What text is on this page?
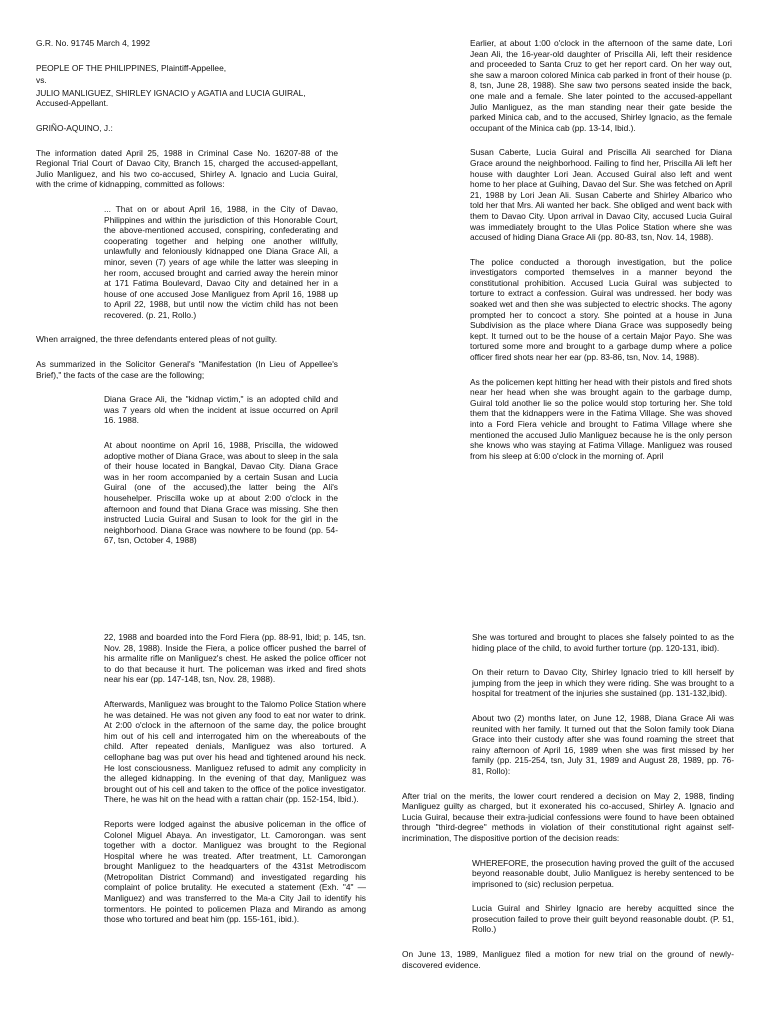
G.R. No. 91745 March 4, 1992

PEOPLE OF THE PHILIPPINES, Plaintiff-Appellee,

vs.

JULIO MANLIGUEZ, SHIRLEY IGNACIO y AGATIA and LUCIA GUIRAL, Accused-Appellant.

GRIÑO-AQUINO, J.:

The information dated April 25, 1988 in Criminal Case No. 16207-88 of the Regional Trial Court of Davao City, Branch 15, charged the accused-appellant, Julio Manliguez, and his two co-accused, Shirley A. Ignacio and Lucia Guiral, with the crime of kidnapping, committed as follows:

... That on or about April 16, 1988, in the City of Davao, Philippines and within the jurisdiction of this Honorable Court, the above-mentioned accused, conspiring, confederating and cooperating together and helping one another willfully, unlawfully and feloniously kidnapped one Diana Grace Ali, a minor, seven (7) years of age while the latter was sleeping in her room, accused brought and carried away the herein minor at 171 Fatima Boulevard, Davao City and detained her in a house of one accused Jose Manliguez from April 16, 1988 up to April 22, 1988, but until now the victim child has not been recovered. (p. 21, Rollo.)

When arraigned, the three defendants entered pleas of not guilty.

As summarized in the Solicitor General's "Manifestation (In Lieu of Appellee's Brief)," the facts of the case are the following;

Diana Grace Ali, the "kidnap victim," is an adopted child and was 7 years old when the incident at issue occurred on April 16. 1988.

At about noontime on April 16, 1988, Priscilla, the widowed adoptive mother of Diana Grace, was about to sleep in the sala of their house located in Bangkal, Davao City. Diana Grace was in her room accompanied by a certain Susan and Lucia Guiral (one of the accused),the latter being the Ali's househelper. Priscilla woke up at about 2:00 o'clock in the afternoon and found that Diana Grace was missing. She then instructed Lucia Guiral and Susan to look for the girl in the neighborhood. Diana Grace was nowhere to be found (pp. 54-67, tsn, October 4, 1988)

Earlier, at about 1:00 o'clock in the afternoon of the same date, Lori Jean Ali, the 16-year-old daughter of Priscilla Ali, left their residence and proceeded to Santa Cruz to get her report card. On her way out, she saw a maroon colored Minica cab parked in front of their house (p. 8, tsn, June 28, 1988). She saw two persons seated inside the back, one male and a female. She later pointed to the accused-appellant Julio Manliguez, as the man standing near their gate beside the parked Minica cab, and to the accused, Shirley Ignacio, as the female occupant of the Minica cab (pp. 13-14, Ibid.).

Susan Caberte, Lucia Guiral and Priscilla Ali searched for Diana Grace around the neighborhood. Failing to find her, Priscilla Ali left her house with daughter Lori Jean. Accused Guiral also left and went home to her place at Guihing, Davao del Sur. She was fetched on April 21, 1988 by Lori Jean Ali. Susan Caberte and Shirley Albarico who told her that Mrs. Ali wanted her back. She obliged and went back with them to Davao City. Upon arrival in Davao City, accused Lucia Guiral was immediately brought to the Ulas Police Station where she was accused of hiding Diana Grace Ali (pp. 80-83, tsn, Nov. 14, 1988).

The police conducted a thorough investigation, but the police investigators comported themselves in a manner beyond the constitutional prohibition. Accused Lucia Guiral was subjected to torture to extract a confession. Guiral was undressed. her body was soaked wet and then she was subjected to electric shocks. The agony prompted her to concoct a story. She pointed at a house in Juna Subdivision as the place where Diana Grace was supposedly being kept. It turned out to be the house of a certain Major Payo. She was tortured some more and brought to a garbage dump where a police officer fired shots near her ear (pp. 83-86, tsn, Nov. 14, 1988).

As the policemen kept hitting her head with their pistols and fired shots near her head when she was brought again to the garbage dump, Guiral told another lie so the police would stop torturing her. She told them that the kidnappers were in the Fatima Village. She was shoved into a Ford Fiera vehicle and brought to Fatima Village where she mentioned the accused Julio Manliguez because he is the only person she knows who was staying at Fatima Village. Manliguez was roused from his sleep at 6:00 o'clock in the morning of. April

22, 1988 and boarded into the Ford Fiera (pp. 88-91, Ibid; p. 145, tsn. Nov. 28, 1988). Inside the Fiera, a police officer pushed the barrel of his armalite rifle on Manliguez's chest. He asked the police officer not to do that because it hurt. The policeman was irked and fired shots near his ear (pp. 147-148, tsn, Nov. 28, 1988).

Afterwards, Manliguez was brought to the Talomo Police Station where he was detained. He was not given any food to eat nor water to drink. At 2:00 o'clock in the afternoon of the same day, the police brought him out of his cell and interrogated him on the whereabouts of the child. After repeated denials, Manliguez was also tortured. A cellophane bag was put over his head and tightened around his neck. He lost consciousness. Manliguez refused to admit any complicity in the alleged kidnapping. In the evening of that day, Manliguez was brought out of his cell and taken to the office of the police investigator. There, he was hit on the head with a rattan chair (pp. 152-154, Ibid.).

Reports were lodged against the abusive policeman in the office of Colonel Miguel Abaya. An investigator, Lt. Camorongan. was sent together with a doctor. Manliguez was brought to the Regional Hospital where he was treated. After treatment, Lt. Camorongan brought Manliguez to the headquarters of the 431st Metrodiscom (Metropolitan District Command) and investigated regarding his complaint of police brutality. He executed a statement (Exh. "4" — Manliguez) and was transferred to the Ma-a City Jail to identify his tormentors. He pointed to policemen Plaza and Mirando as among those who tortured and beat him (pp. 155-161, ibid.).

She was tortured and brought to places she falsely pointed to as the hiding place of the child, to avoid further torture (pp. 120-131, ibid).

On their return to Davao City, Shirley Ignacio tried to kill herself by jumping from the jeep in which they were riding. She was brought to a hospital for treatment of the injuries she sustained (pp. 131-132,ibid).

About two (2) months later, on June 12, 1988, Diana Grace Ali was reunited with her family. It turned out that the Solon family took Diana Grace into their custody after she was found roaming the street that rainy afternoon of April 16, 1989 when she was first missed by her family (pp. 215-254, tsn, July 31, 1989 and August 28, 1989, pp. 76-81, Rollo):

After trial on the merits, the lower court rendered a decision on May 2, 1988, finding Manliguez guilty as charged, but it exonerated his co-accused, Shirley A. Ignacio and Lucia Guiral, because their extra-judicial confessions were found to have been obtained through "third-degree" methods in violation of their constitutional right against self-incrimination, The dispositive portion of the decision reads:

WHEREFORE, the prosecution having proved the guilt of the accused beyond reasonable doubt, Julio Manliguez is hereby sentenced to be imprisoned to (sic) reclusion perpetua.

Lucia Guiral and Shirley Ignacio are hereby acquitted since the prosecution failed to prove their guilt beyond reasonable doubt. (P. 51, Rollo.)

On June 13, 1989, Manliguez filed a motion for new trial on the ground of newly-discovered evidence.
